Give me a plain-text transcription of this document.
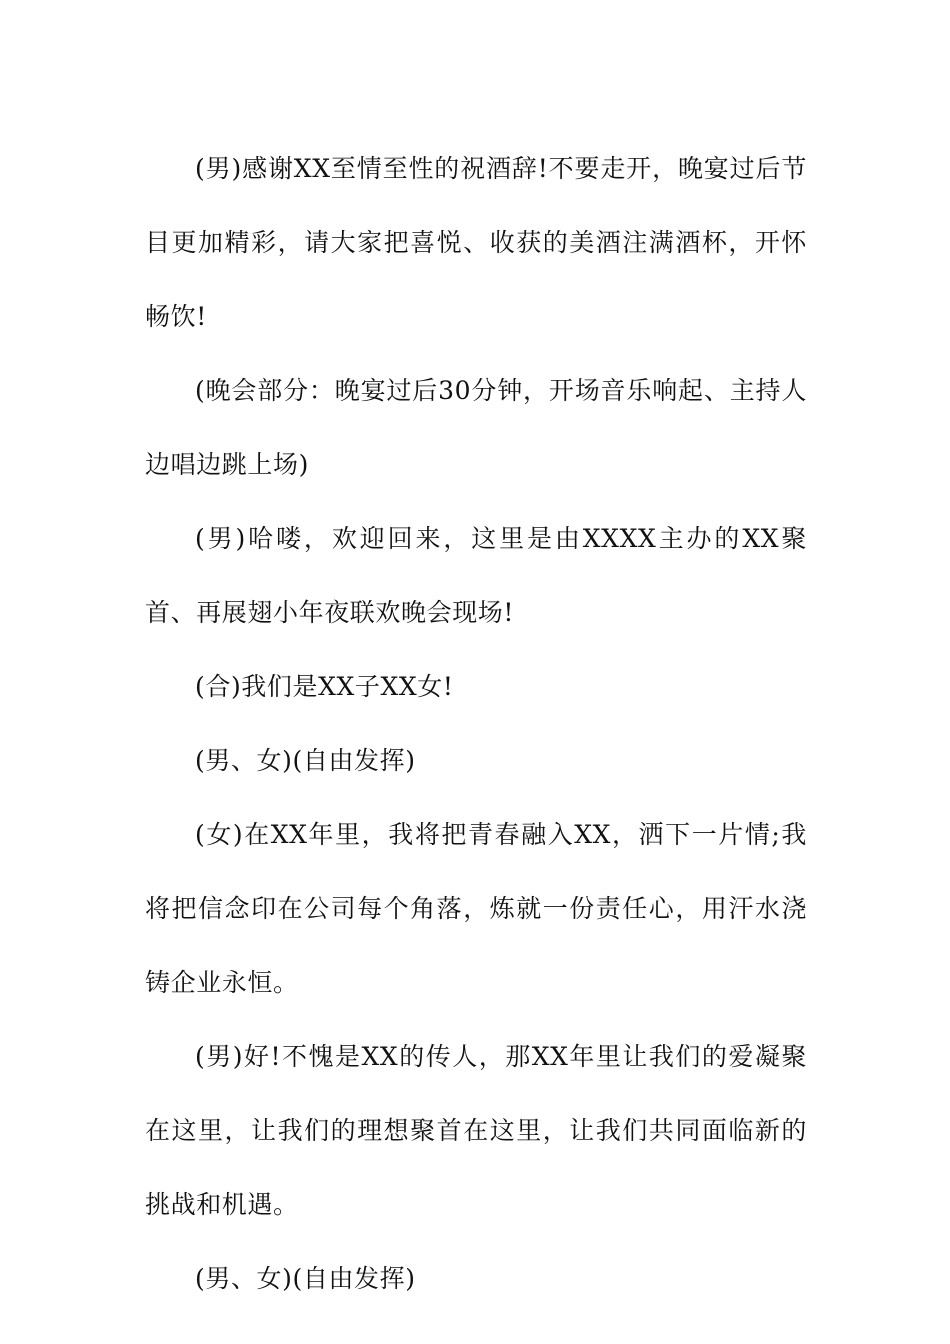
(男)感谢XX至情至性的祝酒辞!不要走开，晚宴过后节目更加精彩，请大家把喜悦、收获的美酒注满酒杯，开怀畅饮!

(晚会部分：晚宴过后30分钟，开场音乐响起、主持人边唱边跳上场)

(男)哈喽，欢迎回来，这里是由XXXX主办的XX聚首、再展翅小年夜联欢晚会现场!

(合)我们是XX子XX女!

(男、女)(自由发挥)

(女)在XX年里，我将把青春融入XX，洒下一片情;我将把信念印在公司每个角落，炼就一份责任心，用汗水浇铸企业永恒。

(男)好!不愧是XX的传人，那XX年里让我们的爱凝聚在这里，让我们的理想聚首在这里，让我们共同面临新的挑战和机遇。

(男、女)(自由发挥)
